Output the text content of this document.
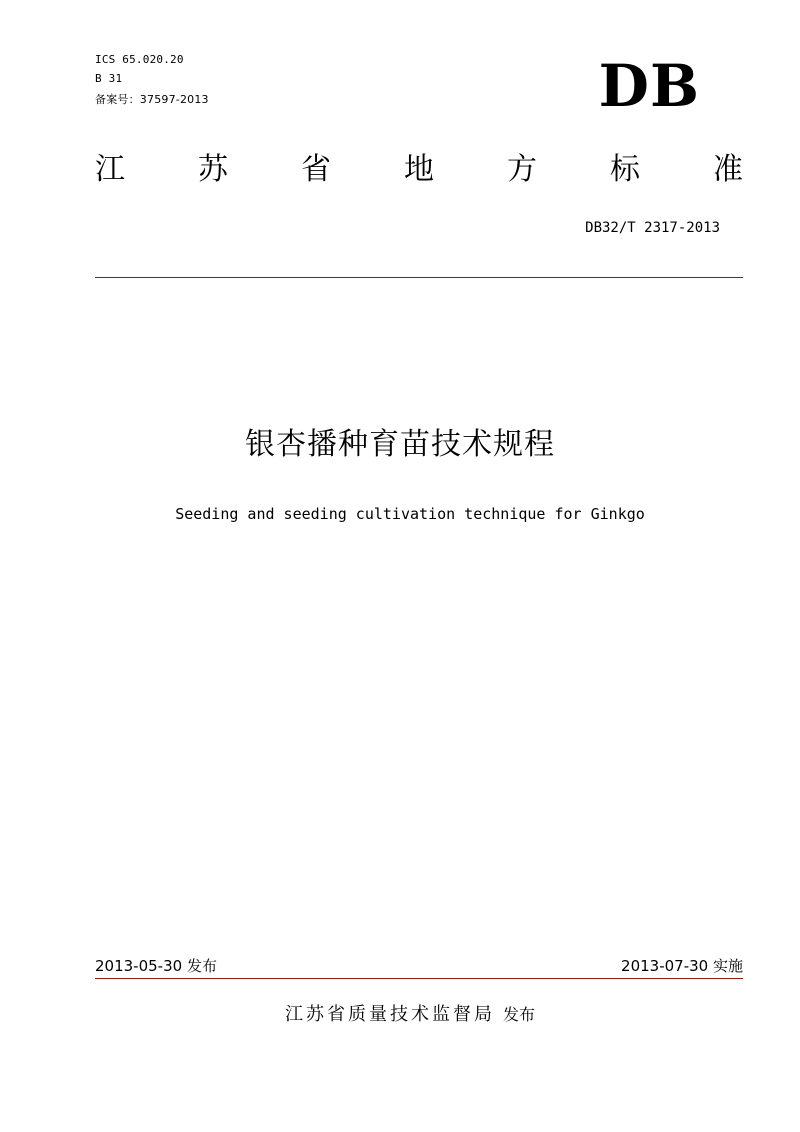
ICS 65.020.20
B 31
备案号：37597-2013	DB
江 苏 省 地 方 标 准
DB32/T 2317-2013
银杏播种育苗技术规程
Seeding and seeding cultivation technique for Ginkgo
2013-05-30 发布	2013-07-30 实施
江苏省质量技术监督局 发布
